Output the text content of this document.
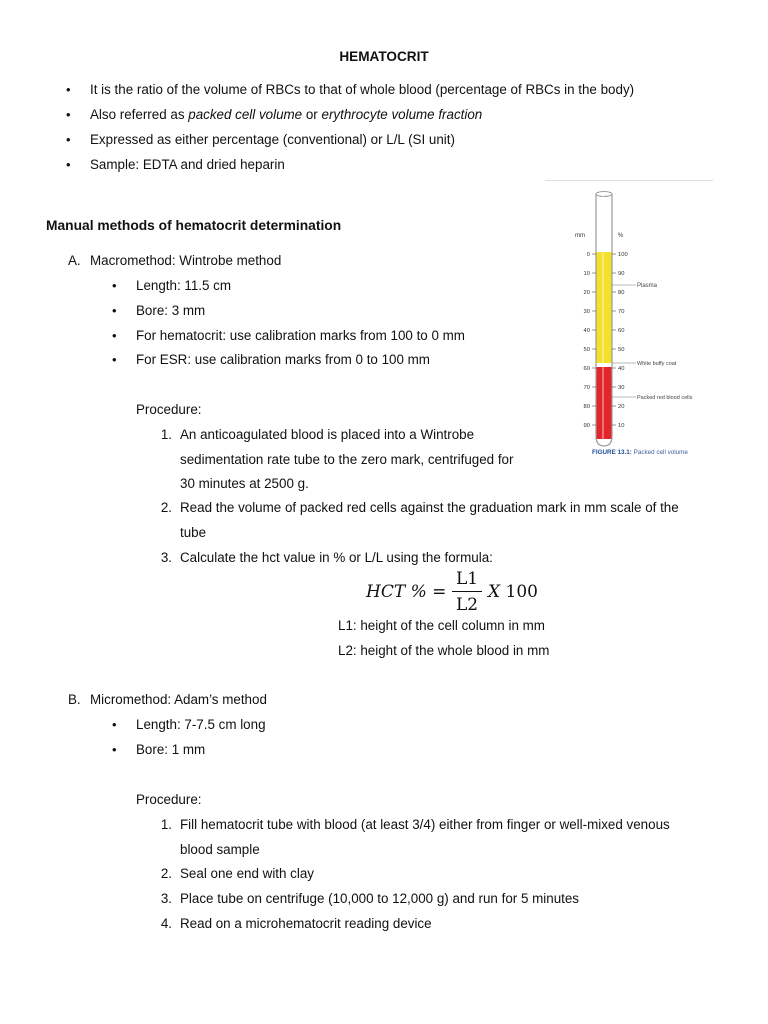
HEMATOCRIT
• It is the ratio of the volume of RBCs to that of whole blood (percentage of RBCs in the body)
• Also referred as packed cell volume or erythrocyte volume fraction
• Expressed as either percentage (conventional) or L/L (SI unit)
• Sample: EDTA and dried heparin
Manual methods of hematocrit determination
A. Macromethod: Wintrobe method
• Length: 11.5 cm
• Bore: 3 mm
• For hematocrit: use calibration marks from 100 to 0 mm
• For ESR: use calibration marks from 0 to 100 mm
Procedure:
1. An anticoagulated blood is placed into a Wintrobe
sedimentation rate tube to the zero mark, centrifuged for
30 minutes at 2500 g.
2. Read the volume of packed red cells against the graduation mark in mm scale of the
tube
3. Calculate the hct value in % or L/L using the formula:
HCT % =
L1
L2
X 100
L1: height of the cell column in mm
L2: height of the whole blood in mm
B. Micromethod: Adam’s method
• Length: 7-7.5 cm long
• Bore: 1 mm
Procedure:
1. Fill hematocrit tube with blood (at least 3/4) either from finger or well-mixed venous
blood sample
2. Seal one end with clay
3. Place tube on centrifuge (10,000 to 12,000 g) and run for 5 minutes
4. Read on a microhematocrit reading device
mm	%
0	100
10	90
20	80
30	70
40	60
50	50
60	40
70	30
80	20
90	10
Plasma
White buffy coat
Packed red blood cells
FIGURE 13.1: Packed cell volume
